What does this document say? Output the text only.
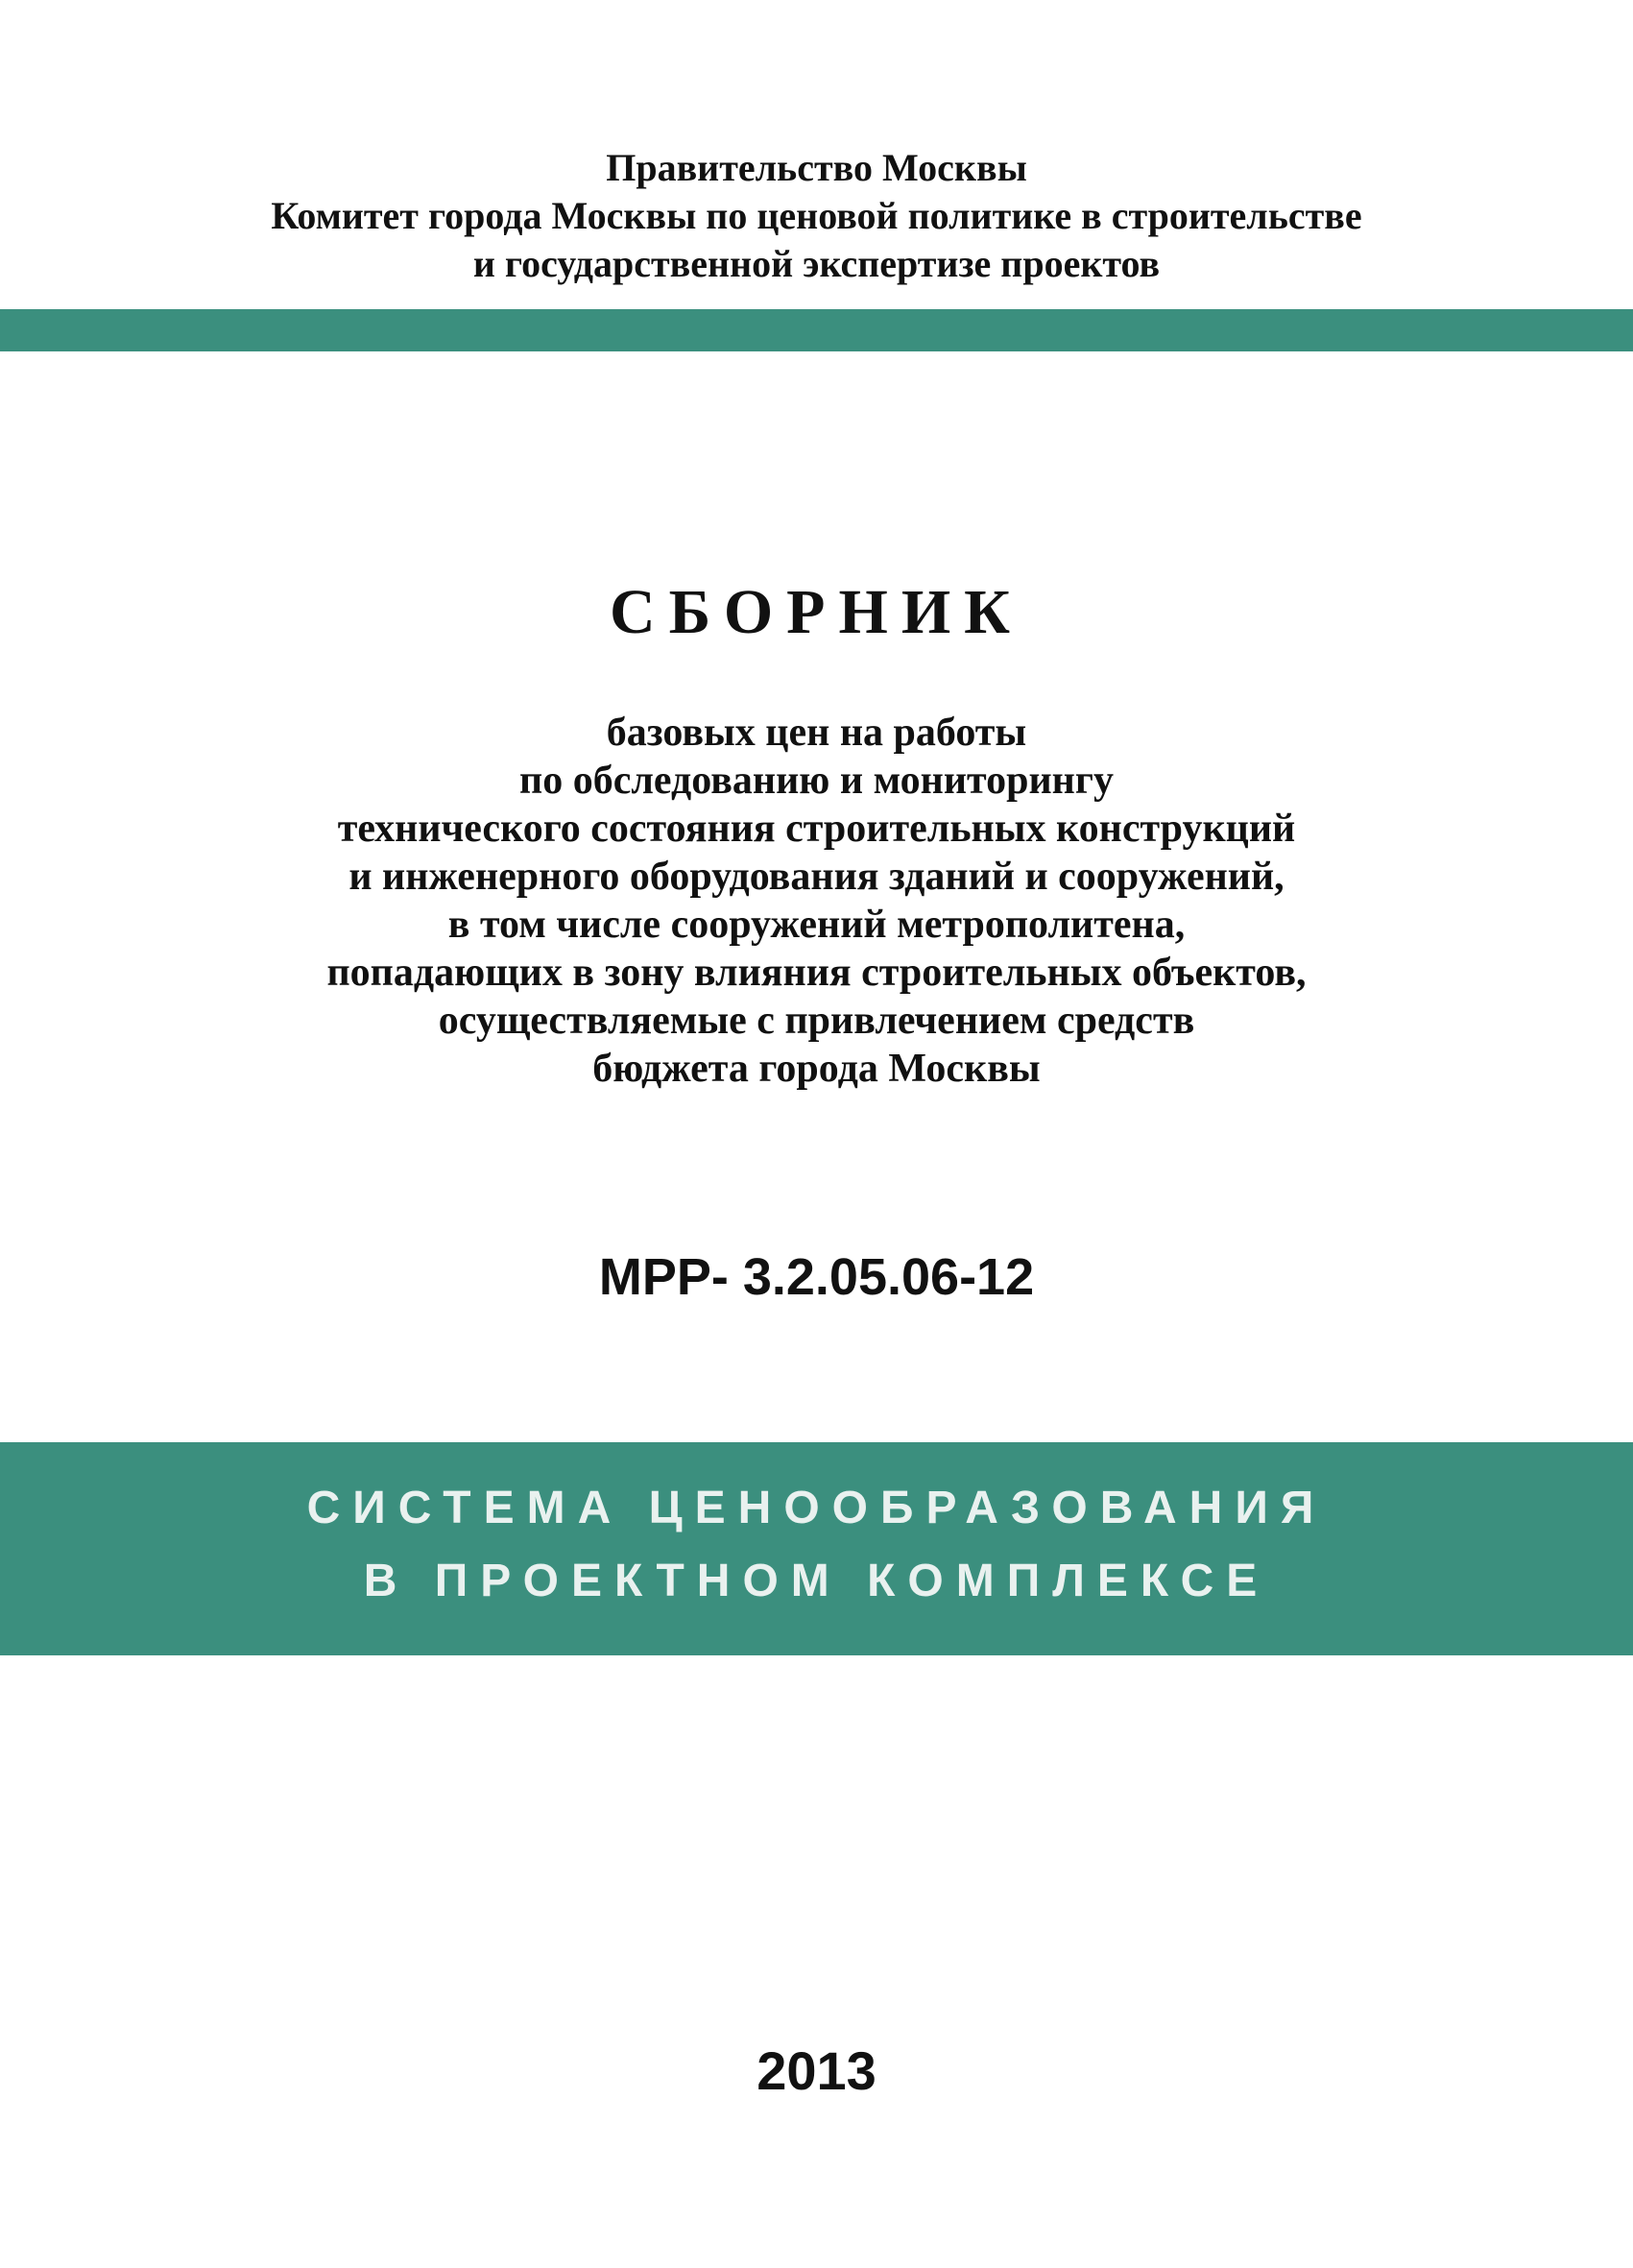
Правительство Москвы
Комитет города Москвы по ценовой политике в строительстве
и государственной экспертизе проектов
СБОРНИК
базовых цен на работы
по обследованию и мониторингу
технического состояния строительных конструкций
и инженерного оборудования зданий и сооружений,
в том числе сооружений метрополитена,
попадающих в зону влияния строительных объектов,
осуществляемые с привлечением средств
бюджета города Москвы
МРР- 3.2.05.06-12
СИСТЕМА ЦЕНООБРАЗОВАНИЯ
В ПРОЕКТНОМ КОМПЛЕКСЕ
2013
